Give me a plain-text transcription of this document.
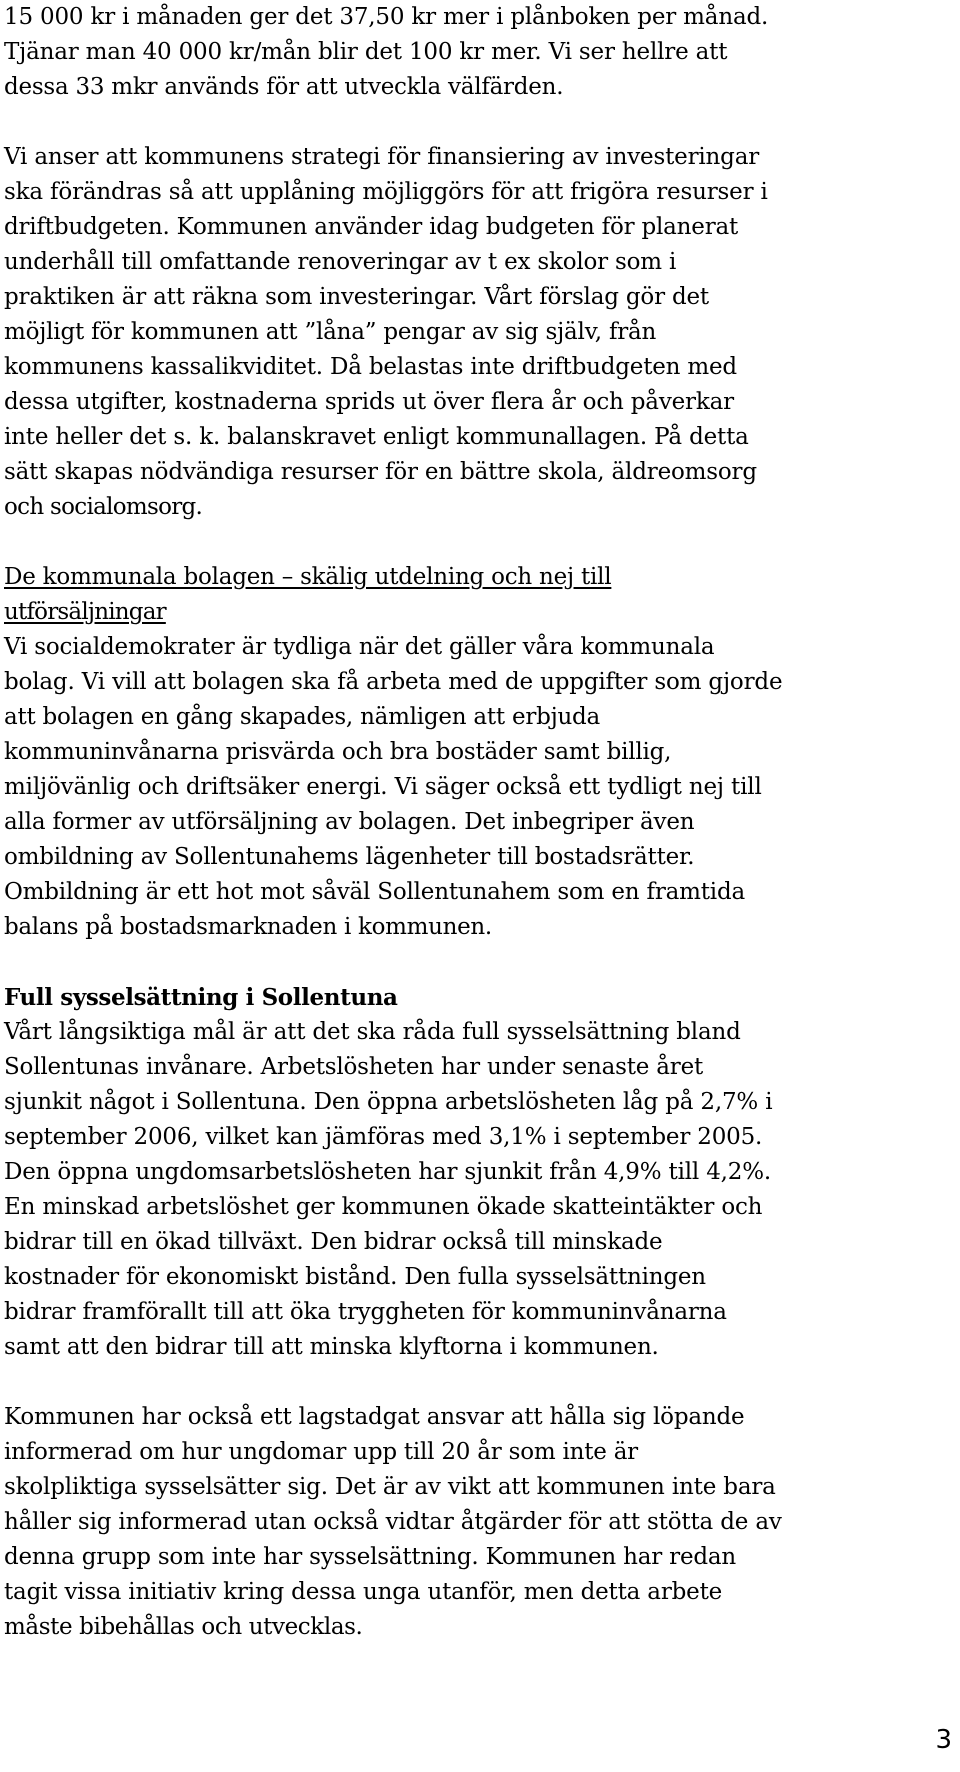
15 000 kr i månaden ger det 37,50 kr mer i plånboken per månad.
Tjänar man 40 000 kr/mån blir det 100 kr mer. Vi ser hellre att
dessa 33 mkr används för att utveckla välfärden.
Vi anser att kommunens strategi för finansiering av investeringar
ska förändras så att upplåning möjliggörs för att frigöra resurser i
driftbudgeten. Kommunen använder idag budgeten för planerat
underhåll till omfattande renoveringar av t ex skolor som i
praktiken är att räkna som investeringar. Vårt förslag gör det
möjligt för kommunen att ”låna” pengar av sig själv, från
kommunens kassalikviditet. Då belastas inte driftbudgeten med
dessa utgifter, kostnaderna sprids ut över flera år och påverkar
inte heller det s. k. balanskravet enligt kommunallagen. På detta
sätt skapas nödvändiga resurser för en bättre skola, äldreomsorg
och socialomsorg.
De kommunala bolagen – skälig utdelning och nej till
utförsäljningar
Vi socialdemokrater är tydliga när det gäller våra kommunala
bolag. Vi vill att bolagen ska få arbeta med de uppgifter som gjorde
att bolagen en gång skapades, nämligen att erbjuda
kommuninvånarna prisvärda och bra bostäder samt billig,
miljövänlig och driftsäker energi. Vi säger också ett tydligt nej till
alla former av utförsäljning av bolagen. Det inbegriper även
ombildning av Sollentunahems lägenheter till bostadsrätter.
Ombildning är ett hot mot såväl Sollentunahem som en framtida
balans på bostadsmarknaden i kommunen.
Full sysselsättning i Sollentuna
Vårt långsiktiga mål är att det ska råda full sysselsättning bland
Sollentunas invånare. Arbetslösheten har under senaste året
sjunkit något i Sollentuna. Den öppna arbetslösheten låg på 2,7% i
september 2006, vilket kan jämföras med 3,1% i september 2005.
Den öppna ungdomsarbetslösheten har sjunkit från 4,9% till 4,2%.
En minskad arbetslöshet ger kommunen ökade skatteintäkter och
bidrar till en ökad tillväxt. Den bidrar också till minskade
kostnader för ekonomiskt bistånd. Den fulla sysselsättningen
bidrar framförallt till att öka tryggheten för kommuninvånarna
samt att den bidrar till att minska klyftorna i kommunen.
Kommunen har också ett lagstadgat ansvar att hålla sig löpande
informerad om hur ungdomar upp till 20 år som inte är
skolpliktiga sysselsätter sig. Det är av vikt att kommunen inte bara
håller sig informerad utan också vidtar åtgärder för att stötta de av
denna grupp som inte har sysselsättning. Kommunen har redan
tagit vissa initiativ kring dessa unga utanför, men detta arbete
måste bibehållas och utvecklas.
3
